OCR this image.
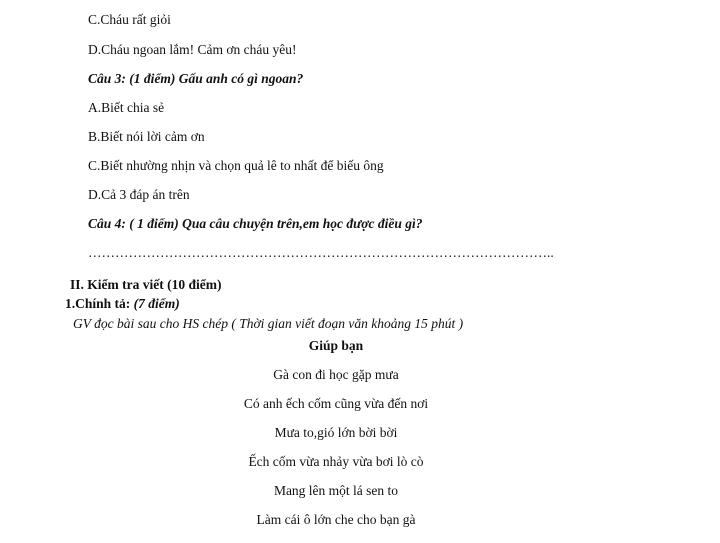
C.Cháu rất giỏi
D.Cháu ngoan lắm! Cảm ơn cháu yêu!
Câu 3: (1 điểm) Gấu anh có gì ngoan?
A.Biết chia sẻ
B.Biết nói lời cảm ơn
C.Biết nhường nhịn và chọn quả lê to nhất để biếu ông
D.Cả 3 đáp án trên
Câu 4: ( 1 điểm) Qua câu chuyện trên,em học được điều gì?
…………………………………………………………………………………………..
II. Kiểm tra viết (10 điểm)
1.Chính tả: (7 điểm)
GV đọc bài sau cho HS chép ( Thời gian viết đoạn văn khoảng 15 phút )
Giúp bạn
Gà con đi học gặp mưa
Có anh ếch cốm cũng vừa đến nơi
Mưa to,gió lớn bời bời
Ếch cốm vừa nhảy vừa bơi lò cò
Mang lên một lá sen to
Làm cái ô lớn che cho bạn gà
